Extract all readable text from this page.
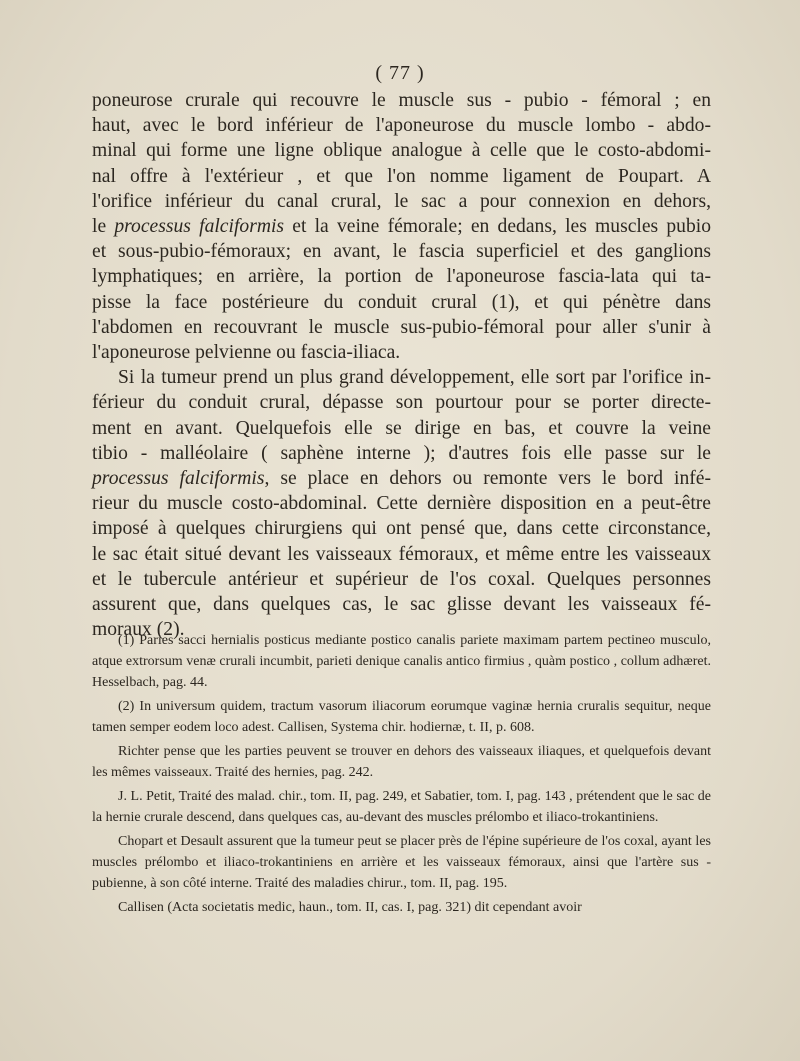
( 77 )

poneurose crurale qui recouvre le muscle sus - pubio - fémoral ; en

haut, avec le bord inférieur de l'aponeurose du muscle lombo - abdo-

minal qui forme une ligne oblique analogue à celle que le costo-abdomi-

nal offre à l'extérieur , et que l'on nomme ligament de Poupart. A

l'orifice inférieur du canal crural, le sac a pour connexion en dehors,

le processus falciformis et la veine fémorale; en dedans, les muscles pubio

et sous-pubio-fémoraux; en avant, le fascia superficiel et des ganglions

lymphatiques; en arrière, la portion de l'aponeurose fascia-lata qui ta-

pisse la face postérieure du conduit crural (1), et qui pénètre dans

l'abdomen en recouvrant le muscle sus-pubio-fémoral pour aller s'unir à

l'aponeurose pelvienne ou fascia-iliaca.

Si la tumeur prend un plus grand développement, elle sort par l'orifice in-

férieur du conduit crural, dépasse son pourtour pour se porter directe-

ment en avant. Quelquefois elle se dirige en bas, et couvre la veine

tibio - malléolaire ( saphène interne ); d'autres fois elle passe sur le

processus falciformis, se place en dehors ou remonte vers le bord infé-

rieur du muscle costo-abdominal. Cette dernière disposition en a peut-être

imposé à quelques chirurgiens qui ont pensé que, dans cette circonstance,

le sac était situé devant les vaisseaux fémoraux, et même entre les vaisseaux

et le tubercule antérieur et supérieur de l'os coxal. Quelques personnes

assurent que, dans quelques cas, le sac glisse devant les vaisseaux fé-

moraux (2).

(1) Paries sacci hernialis posticus mediante postico canalis pariete maximam partem pectineo musculo, atque extrorsum venæ crurali incumbit, parieti denique canalis antico firmius , quàm postico , collum adhæret. Hesselbach, pag. 44.

(2) In universum quidem, tractum vasorum iliacorum eorumque vaginæ hernia cruralis sequitur, neque tamen semper eodem loco adest. Callisen, Systema chir. hodiernæ, t. II, p. 608.

Richter pense que les parties peuvent se trouver en dehors des vaisseaux iliaques, et quelquefois devant les mêmes vaisseaux. Traité des hernies, pag. 242.

J. L. Petit, Traité des malad. chir., tom. II, pag. 249, et Sabatier, tom. I, pag. 143 , prétendent que le sac de la hernie crurale descend, dans quelques cas, au-devant des muscles prélombo et iliaco-trokantiniens.

Chopart et Desault assurent que la tumeur peut se placer près de l'épine supérieure de l'os coxal, ayant les muscles prélombo et iliaco-trokantiniens en arrière et les vaisseaux fémoraux, ainsi que l'artère sus - pubienne, à son côté interne. Traité des maladies chirur., tom. II, pag. 195.

Callisen (Acta societatis medic, haun., tom. II, cas. I, pag. 321) dit cependant avoir
